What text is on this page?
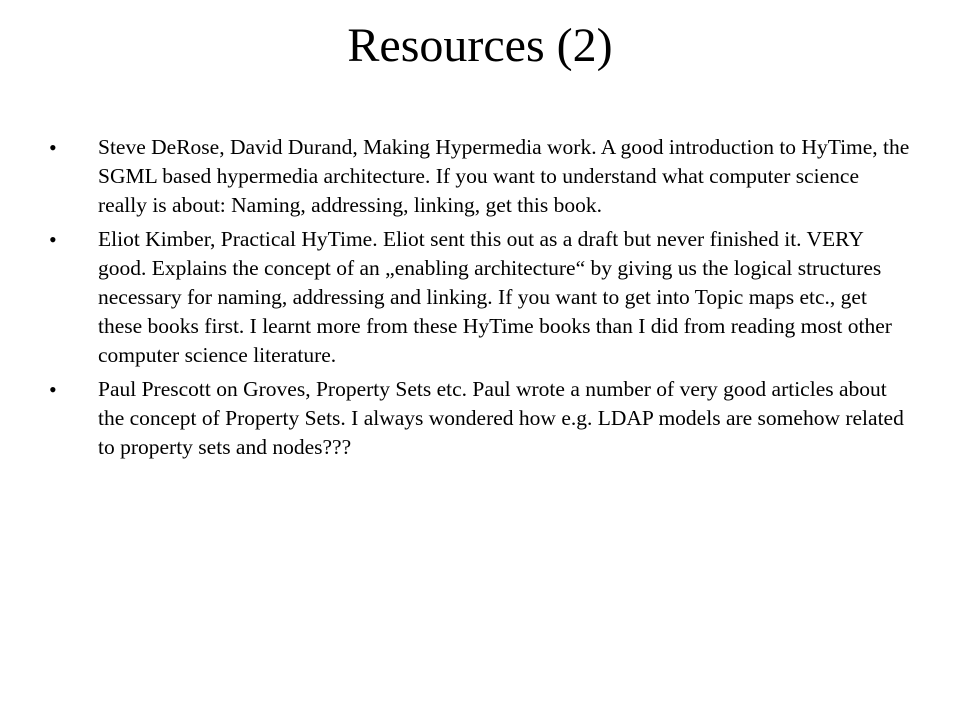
Resources (2)
• Steve DeRose, David Durand, Making Hypermedia work. A good introduction to HyTime, the SGML based hypermedia architecture. If you want to understand what computer science really is about: Naming, addressing, linking, get this book.
• Eliot Kimber, Practical HyTime. Eliot sent this out as a draft but never finished it. VERY good. Explains the concept of an „enabling architecture“ by giving us the logical structures necessary for naming, addressing and linking. If you want to get into Topic maps etc., get these books first. I learnt more from these HyTime books than I did from reading most other computer science literature.
• Paul Prescott on Groves, Property Sets etc. Paul wrote a number of very good articles about the concept of Property Sets. I always wondered how e.g. LDAP models are somehow related to property sets and nodes???
